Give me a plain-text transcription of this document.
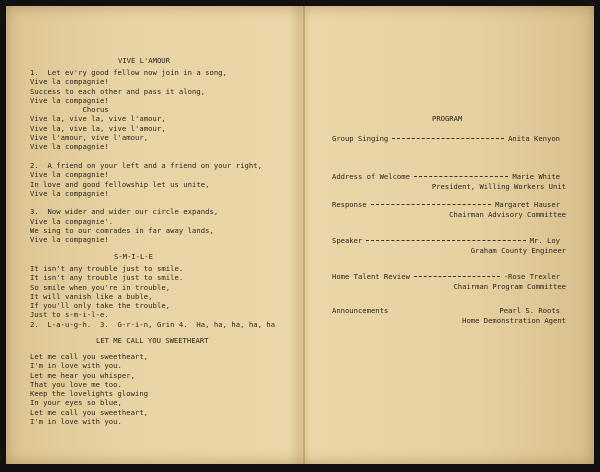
VIVE L'AMOUR
1.  Let ev'ry good fellow now join in a song,
Vive la compagnie!
Success to each other and pass it along,
Vive la compagnie!
Chorus
Vive la, vive la, vive l'amour,
Vive la, vive la, vive l'amour,
Vive l'amour, vive l'amour,
Vive la compagnie!
2.  A friend on your left and a friend on your right,
Vive la compagnie!
In love and good fellowship let us unite,
Vive la compagnie!
3.  Now wider and wider our circle expands,
Vive la compagnie'.
We sing to our comrades in far away lands,
Vive la compagnie!
S-M-I-L-E
It isn't any trouble just to smile.
It isn't any trouble just to smile.
So smile when you're in trouble,
It will vanish like a buble,
If you'll only take the trouble,
Just to s-m-i-l-e.
2.  L-a-u-g-h.  3.  G-r-i-n, Grin 4.  Ha, ha, ha, ha, ha
LET ME CALL YOU SWEETHEART
Let me call you sweetheart,
I'm in love with you.
Let me hear you whisper,
That you love me too.
Keep the lovelights glowing
In your eyes so blue,
Let me call you sweetheart,
I'm in love with you.
PROGRAM
Group Singing	Anita Kenyon
Address of Welcome	Marie White
President, Willing Workers Unit
Response	Margaret Hauser
Chairman Advisory Committee
Speaker	Mr. Loy
Graham County Engineer
Home Talent Review	-Rose Trexler
Chairman Program Committee
Announcements	Pearl S. Roots
Home Demonstration Agent
